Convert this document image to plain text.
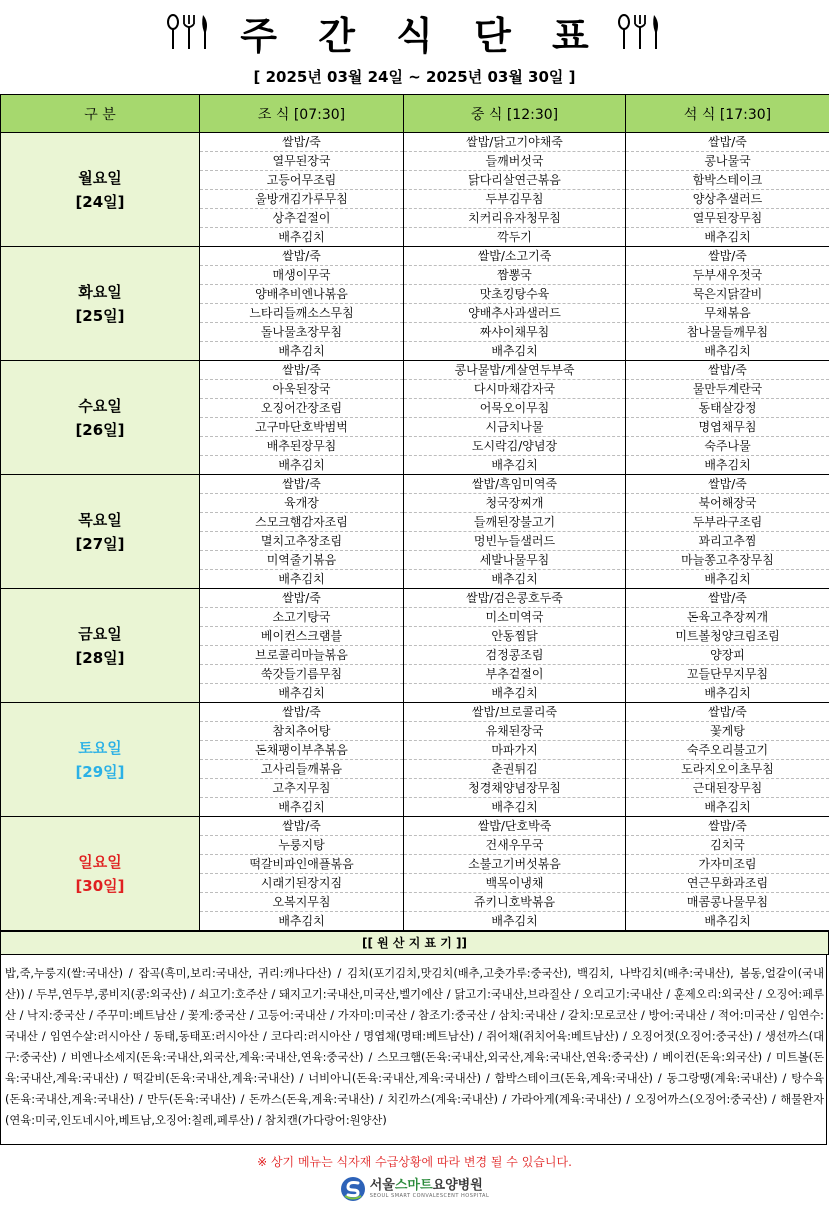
주 간 식 단 표
[ 2025년 03월 24일 ~ 2025년 03월 30일 ]
구 분	조 식 [07:30]	중 식 [12:30]	석 식 [17:30]

월요일
[24일]	쌀밥/죽	쌀밥/닭고기야채죽	쌀밥/죽
	열무된장국	들깨버섯국	콩나물국
	고등어무조림	닭다리살연근볶음	함박스테이크
	울방개김가루무침	두부김무침	양상추샐러드
	상추겉절이	치커리유자청무침	열무된장무침
	배추김치	깍두기	배추김치

화요일
[25일]	쌀밥/죽	쌀밥/소고기죽	쌀밥/죽
	매생이무국	짬뽕국	두부새우젓국
	양배추비엔나볶음	맛초킹탕수육	묵은지닭갈비
	느타리들깨소스무침	양배추사과샐러드	무채볶음
	돌나물초장무침	짜샤이채무침	참나물들깨무침
	배추김치	배추김치	배추김치

수요일
[26일]	쌀밥/죽	콩나물밥/게살연두부죽	쌀밥/죽
	아욱된장국	다시마채감자국	물만두계란국
	오징어간장조림	어묵오이무침	동태살강정
	고구마단호박범벅	시금치나물	명엽채무침
	배추된장무침	도시락김/양념장	숙주나물
	배추김치	배추김치	배추김치

목요일
[27일]	쌀밥/죽	쌀밥/흑임미역죽	쌀밥/죽
	육개장	청국장찌개	북어해장국
	스모크햄감자조림	들깨된장불고기	두부라구조림
	멸치고추장조림	멍빈누들샐러드	꽈리고추찜
	미역줄기볶음	세발나물무침	마늘쫑고추장무침
	배추김치	배추김치	배추김치

금요일
[28일]	쌀밥/죽	쌀밥/검은콩호두죽	쌀밥/죽
	소고기탕국	미소미역국	돈육고추장찌개
	베이컨스크램블	안동찜닭	미트볼청양크림조림
	브로콜리마늘볶음	검정콩조림	양장피
	쑥갓들기름무침	부추겉절이	꼬들단무지무침
	배추김치	배추김치	배추김치

토요일
[29일]	쌀밥/죽	쌀밥/브로콜리죽	쌀밥/죽
	참치추어탕	유채된장국	꽃게탕
	돈채팽이부추볶음	마파가지	숙주오리불고기
	고사리들깨볶음	춘권튀김	도라지오이초무침
	고추지무침	청경채양념장무침	근대된장무침
	배추김치	배추김치	배추김치

일요일
[30일]	쌀밥/죽	쌀밥/단호박죽	쌀밥/죽
	누룽지탕	건새우무국	김치국
	떡갈비파인애플볶음	소불고기버섯볶음	가자미조림
	시래기된장지짐	백목이냉채	연근무화과조림
	오복지무침	쥬키니호박볶음	매콤콩나물무침
	배추김치	배추김치	배추김치
[[ 원 산 지 표 기 ]]
밥,죽,누룽지(쌀:국내산) / 잡곡(흑미,보리:국내산, 귀리:캐나다산) / 김치(포기김치,맛김치(배추,고춧가루:중국산), 백김치, 나박김치(배추:국내산), 봄동,얼갈이(국내산)) / 두부,연두부,콩비지(콩:외국산) / 쇠고기:호주산 / 돼지고기:국내산,미국산,벨기에산 / 닭고기:국내산,브라질산 / 오리고기:국내산 / 훈제오리:외국산 / 오징어:페루산 / 낙지:중국산 / 주꾸미:베트남산 / 꽃게:중국산 / 고등어:국내산 / 가자미:미국산 / 참조기:중국산 / 삼치:국내산 / 갈치:모로코산 / 방어:국내산 / 적어:미국산 / 임연수:국내산 / 임연수살:러시아산 / 동태,동태포:러시아산 / 코다리:러시아산 / 명엽채(명태:베트남산) / 쥐어채(쥐치어육:베트남산) / 오징어젓(오징어:중국산) / 생선까스(대구:중국산) / 비엔나소세지(돈육:국내산,외국산,계육:국내산,연육:중국산) / 스모크햄(돈육:국내산,외국산,계육:국내산,연육:중국산) / 베이컨(돈육:외국산) / 미트볼(돈육:국내산,계육:국내산) / 떡갈비(돈육:국내산,계육:국내산) / 너비아니(돈육:국내산,계육:국내산) / 함박스테이크(돈육,계육:국내산) / 동그랑땡(계육:국내산) / 탕수육(돈육:국내산,계육:국내산) / 만두(돈육:국내산) / 돈까스(돈육,계육:국내산) / 치킨까스(계육:국내산) / 가라아게(계육:국내산) / 오징어까스(오징어:중국산) / 해물완자(연육:미국,인도네시아,베트남,오징어:칠레,페루산) / 참치캔(가다랑어:원양산)
※ 상기 메뉴는 식자재 수급상황에 따라 변경 될 수 있습니다.
서울스마트요양병원
SEOUL SMART CONVALESCENT HOSPITAL
